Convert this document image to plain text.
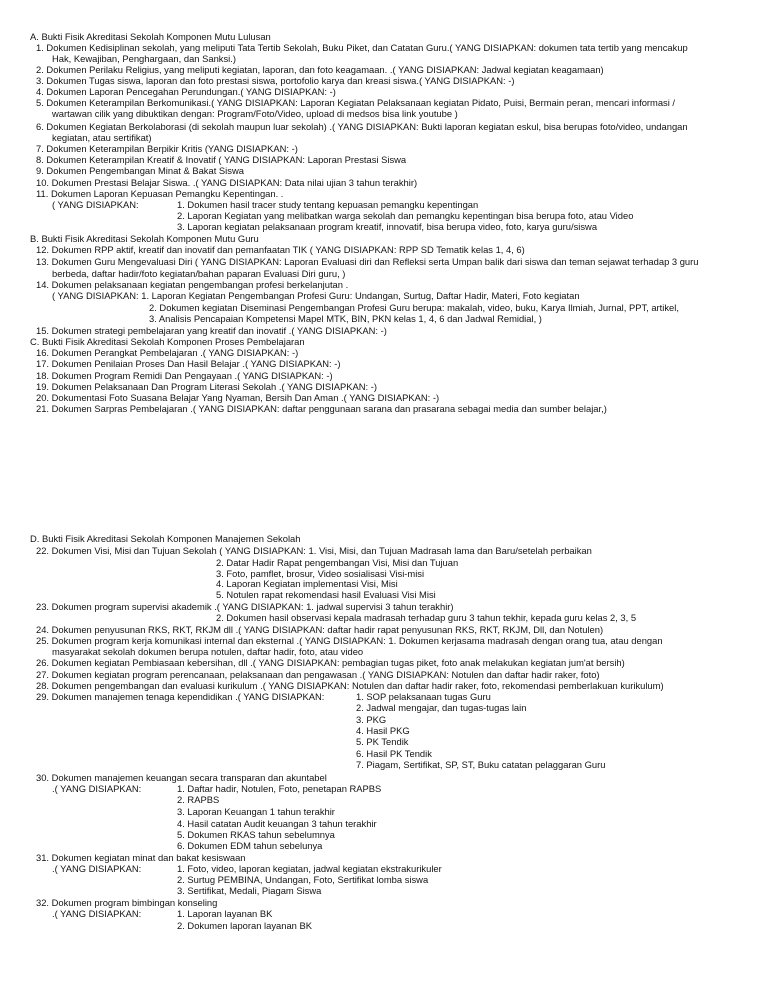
A. Bukti Fisik Akreditasi Sekolah Komponen Mutu Lulusan
1. Dokumen Kedisiplinan sekolah, yang meliputi Tata Tertib Sekolah, Buku Piket, dan Catatan Guru.( YANG DISIAPKAN: dokumen tata tertib yang mencakup
Hak, Kewajiban, Penghargaan, dan Sanksi.)
2. Dokumen Perilaku Religius, yang meliputi kegiatan, laporan, dan foto keagamaan. .( YANG DISIAPKAN: Jadwal kegiatan keagamaan)
3. Dokumen Tugas siswa, laporan dan foto prestasi siswa, portofolio karya dan kreasi siswa.( YANG DISIAPKAN: -)
4. Dokumen Laporan Pencegahan Perundungan.( YANG DISIAPKAN: -)
5. Dokumen Keterampilan Berkomunikasi.( YANG DISIAPKAN: Laporan Kegiatan Pelaksanaan kegiatan Pidato, Puisi, Bermain peran, mencari informasi /
wartawan cilik yang dibuktikan dengan: Program/Foto/Video, upload di medsos bisa link youtube )
6. Dokumen Kegiatan Berkolaborasi (di sekolah maupun luar sekolah) .( YANG DISIAPKAN: Bukti laporan kegiatan eskul, bisa berupas foto/video, undangan
kegiatan, atau sertifikat)
7. Dokumen Keterampilan Berpikir Kritis (YANG DISIAPKAN: -)
8. Dokumen Keterampilan Kreatif & Inovatif ( YANG DISIAPKAN: Laporan Prestasi Siswa
9. Dokumen Pengembangan Minat & Bakat Siswa
10. Dokumen Prestasi Belajar Siswa. .( YANG DISIAPKAN: Data nilai ujian 3 tahun terakhir)
11. Dokumen Laporan Kepuasan Pemangku Kepentingan. .
( YANG DISIAPKAN:	1. Dokumen hasil tracer study tentang kepuasan pemangku kepentingan
2. Laporan Kegiatan yang melibatkan warga sekolah dan pemangku kepentingan bisa berupa foto, atau Video
3. Laporan kegiatan pelaksanaan program kreatif, innovatif, bisa berupa video, foto, karya guru/siswa
B. Bukti Fisik Akreditasi Sekolah Komponen Mutu Guru
12. Dokumen RPP aktif, kreatif dan inovatif dan pemanfaatan TIK ( YANG DISIAPKAN: RPP SD Tematik kelas 1, 4, 6)
13. Dokumen Guru Mengevaluasi Diri ( YANG DISIAPKAN: Laporan Evaluasi diri dan Refleksi serta Umpan balik dari siswa dan teman sejawat terhadap 3 guru
berbeda, daftar hadir/foto kegiatan/bahan paparan Evaluasi Diri guru, )
14. Dokumen pelaksanaan kegiatan pengembangan profesi berkelanjutan .
( YANG DISIAPKAN: 1. Laporan Kegiatan Pengembangan Profesi Guru: Undangan, Surtug, Daftar Hadir, Materi, Foto kegiatan
2. Dokumen kegiatan Diseminasi Pengembangan Profesi Guru berupa: makalah, video, buku, Karya Ilmiah, Jurnal, PPT, artikel,
3. Analisis Pencapaian Kompetensi Mapel MTK, BIN, PKN kelas 1, 4, 6 dan Jadwal Remidial, )
15. Dokumen strategi pembelajaran yang kreatif dan inovatif .( YANG DISIAPKAN: -)
C. Bukti Fisik Akreditasi Sekolah Komponen Proses Pembelajaran
16. Dokumen Perangkat Pembelajaran .( YANG DISIAPKAN: -)
17. Dokumen Penilaian Proses Dan Hasil Belajar .( YANG DISIAPKAN: -)
18. Dokumen Program Remidi Dan Pengayaan .( YANG DISIAPKAN: -)
19. Dokumen Pelaksanaan Dan Program Literasi Sekolah .( YANG DISIAPKAN: -)
20. Dokumentasi Foto Suasana Belajar Yang Nyaman, Bersih Dan Aman .( YANG DISIAPKAN: -)
21. Dokumen Sarpras Pembelajaran .( YANG DISIAPKAN: daftar penggunaan sarana dan prasarana sebagai media dan sumber belajar,)
D. Bukti Fisik Akreditasi Sekolah Komponen Manajemen Sekolah
22. Dokumen Visi, Misi dan Tujuan Sekolah ( YANG DISIAPKAN: 1. Visi, Misi, dan Tujuan Madrasah lama dan Baru/setelah perbaikan
2. Datar Hadir Rapat pengembangan Visi, Misi dan Tujuan
3. Foto, pamflet, brosur, Video sosialisasi Visi-misi
4. Laporan Kegiatan implementasi Visi, Misi
5. Notulen rapat rekomendasi hasil Evaluasi Visi Misi
23. Dokumen program supervisi akademik .( YANG DISIAPKAN: 1. jadwal supervisi 3 tahun terakhir)
2. Dokumen hasil observasi kepala madrasah terhadap guru 3 tahun tekhir, kepada guru kelas 2, 3, 5
24. Dokumen penyusunan RKS, RKT, RKJM dll .( YANG DISIAPKAN: daftar hadir rapat penyusunan RKS, RKT, RKJM, Dll, dan Notulen)
25. Dokumen program kerja komunikasi internal dan eksternal .( YANG DISIAPKAN: 1. Dokumen kerjasama madrasah dengan orang tua, atau dengan
masyarakat sekolah dokumen berupa notulen, daftar hadir, foto, atau video
26. Dokumen kegiatan Pembiasaan kebersihan, dll .( YANG DISIAPKAN: pembagian tugas piket, foto anak melakukan kegiatan jum'at bersih)
27. Dokumen kegiatan program perencanaan, pelaksanaan dan pengawasan .( YANG DISIAPKAN: Notulen dan daftar hadir raker, foto)
28. Dokumen pengembangan dan evaluasi kurikulum .( YANG DISIAPKAN: Notulen dan daftar hadir raker, foto, rekomendasi pemberlakuan kurikulum)
29. Dokumen manajemen tenaga kependidikan .( YANG DISIAPKAN:	1. SOP pelaksanaan tugas Guru
2. Jadwal mengajar, dan tugas-tugas lain
3. PKG
4. Hasil PKG
5. PK Tendik
6. Hasil PK Tendik
7. Piagam, Sertifikat, SP, ST, Buku catatan pelaggaran Guru
30. Dokumen manajemen keuangan secara transparan dan akuntabel
.( YANG DISIAPKAN:	1. Daftar hadir, Notulen, Foto, penetapan RAPBS
2. RAPBS
3. Laporan Keuangan 1 tahun terakhir
4. Hasil catatan Audit keuangan 3 tahun terakhir
5. Dokumen RKAS tahun sebelumnya
6. Dokumen EDM tahun sebelunya
31. Dokumen kegiatan minat dan bakat kesiswaan
.( YANG DISIAPKAN:	1. Foto, video, laporan kegiatan, jadwal kegiatan ekstrakurikuler
2. Surtug PEMBINA, Undangan, Foto, Sertifikat lomba siswa
3. Sertifikat, Medali, Piagam Siswa
32. Dokumen program bimbingan konseling
.( YANG DISIAPKAN:	1. Laporan layanan BK
2. Dokumen laporan layanan BK
